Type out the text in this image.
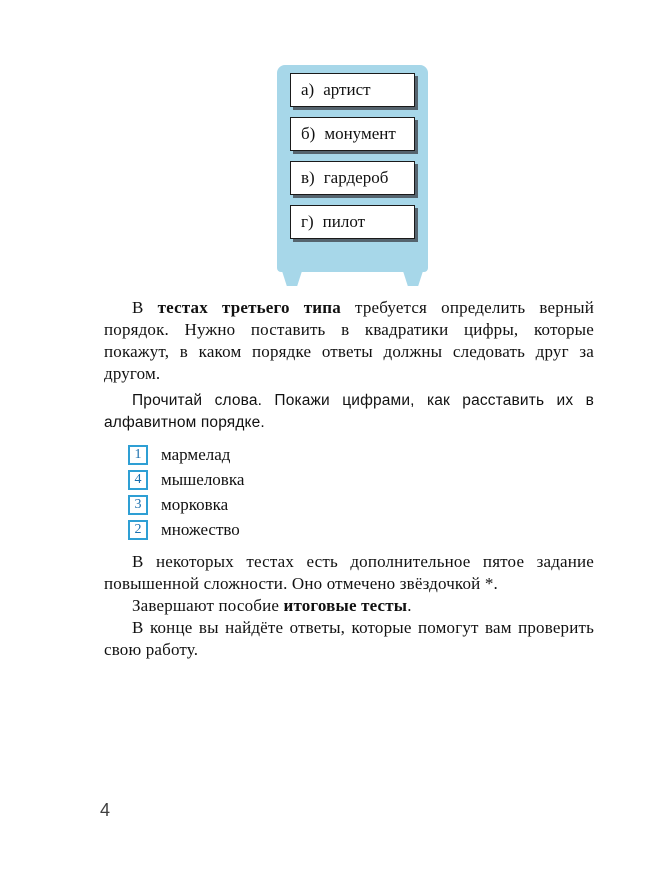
а) артист
б) монумент
в) гардероб
г) пилот

В тестах третьего типа требуется определить верный порядок. Нужно поставить в квадратики цифры, которые покажут, в каком порядке ответы должны следовать друг за другом.

Прочитай слова. Покажи цифрами, как расставить их в алфавитном порядке.

1	мармелад
4	мышеловка
3	морковка
2	множество

В некоторых тестах есть дополнительное пятое задание повышенной сложности. Оно отмечено звёздочкой *.

Завершают пособие итоговые тесты.

В конце вы найдёте ответы, которые помогут вам проверить свою работу.

4
